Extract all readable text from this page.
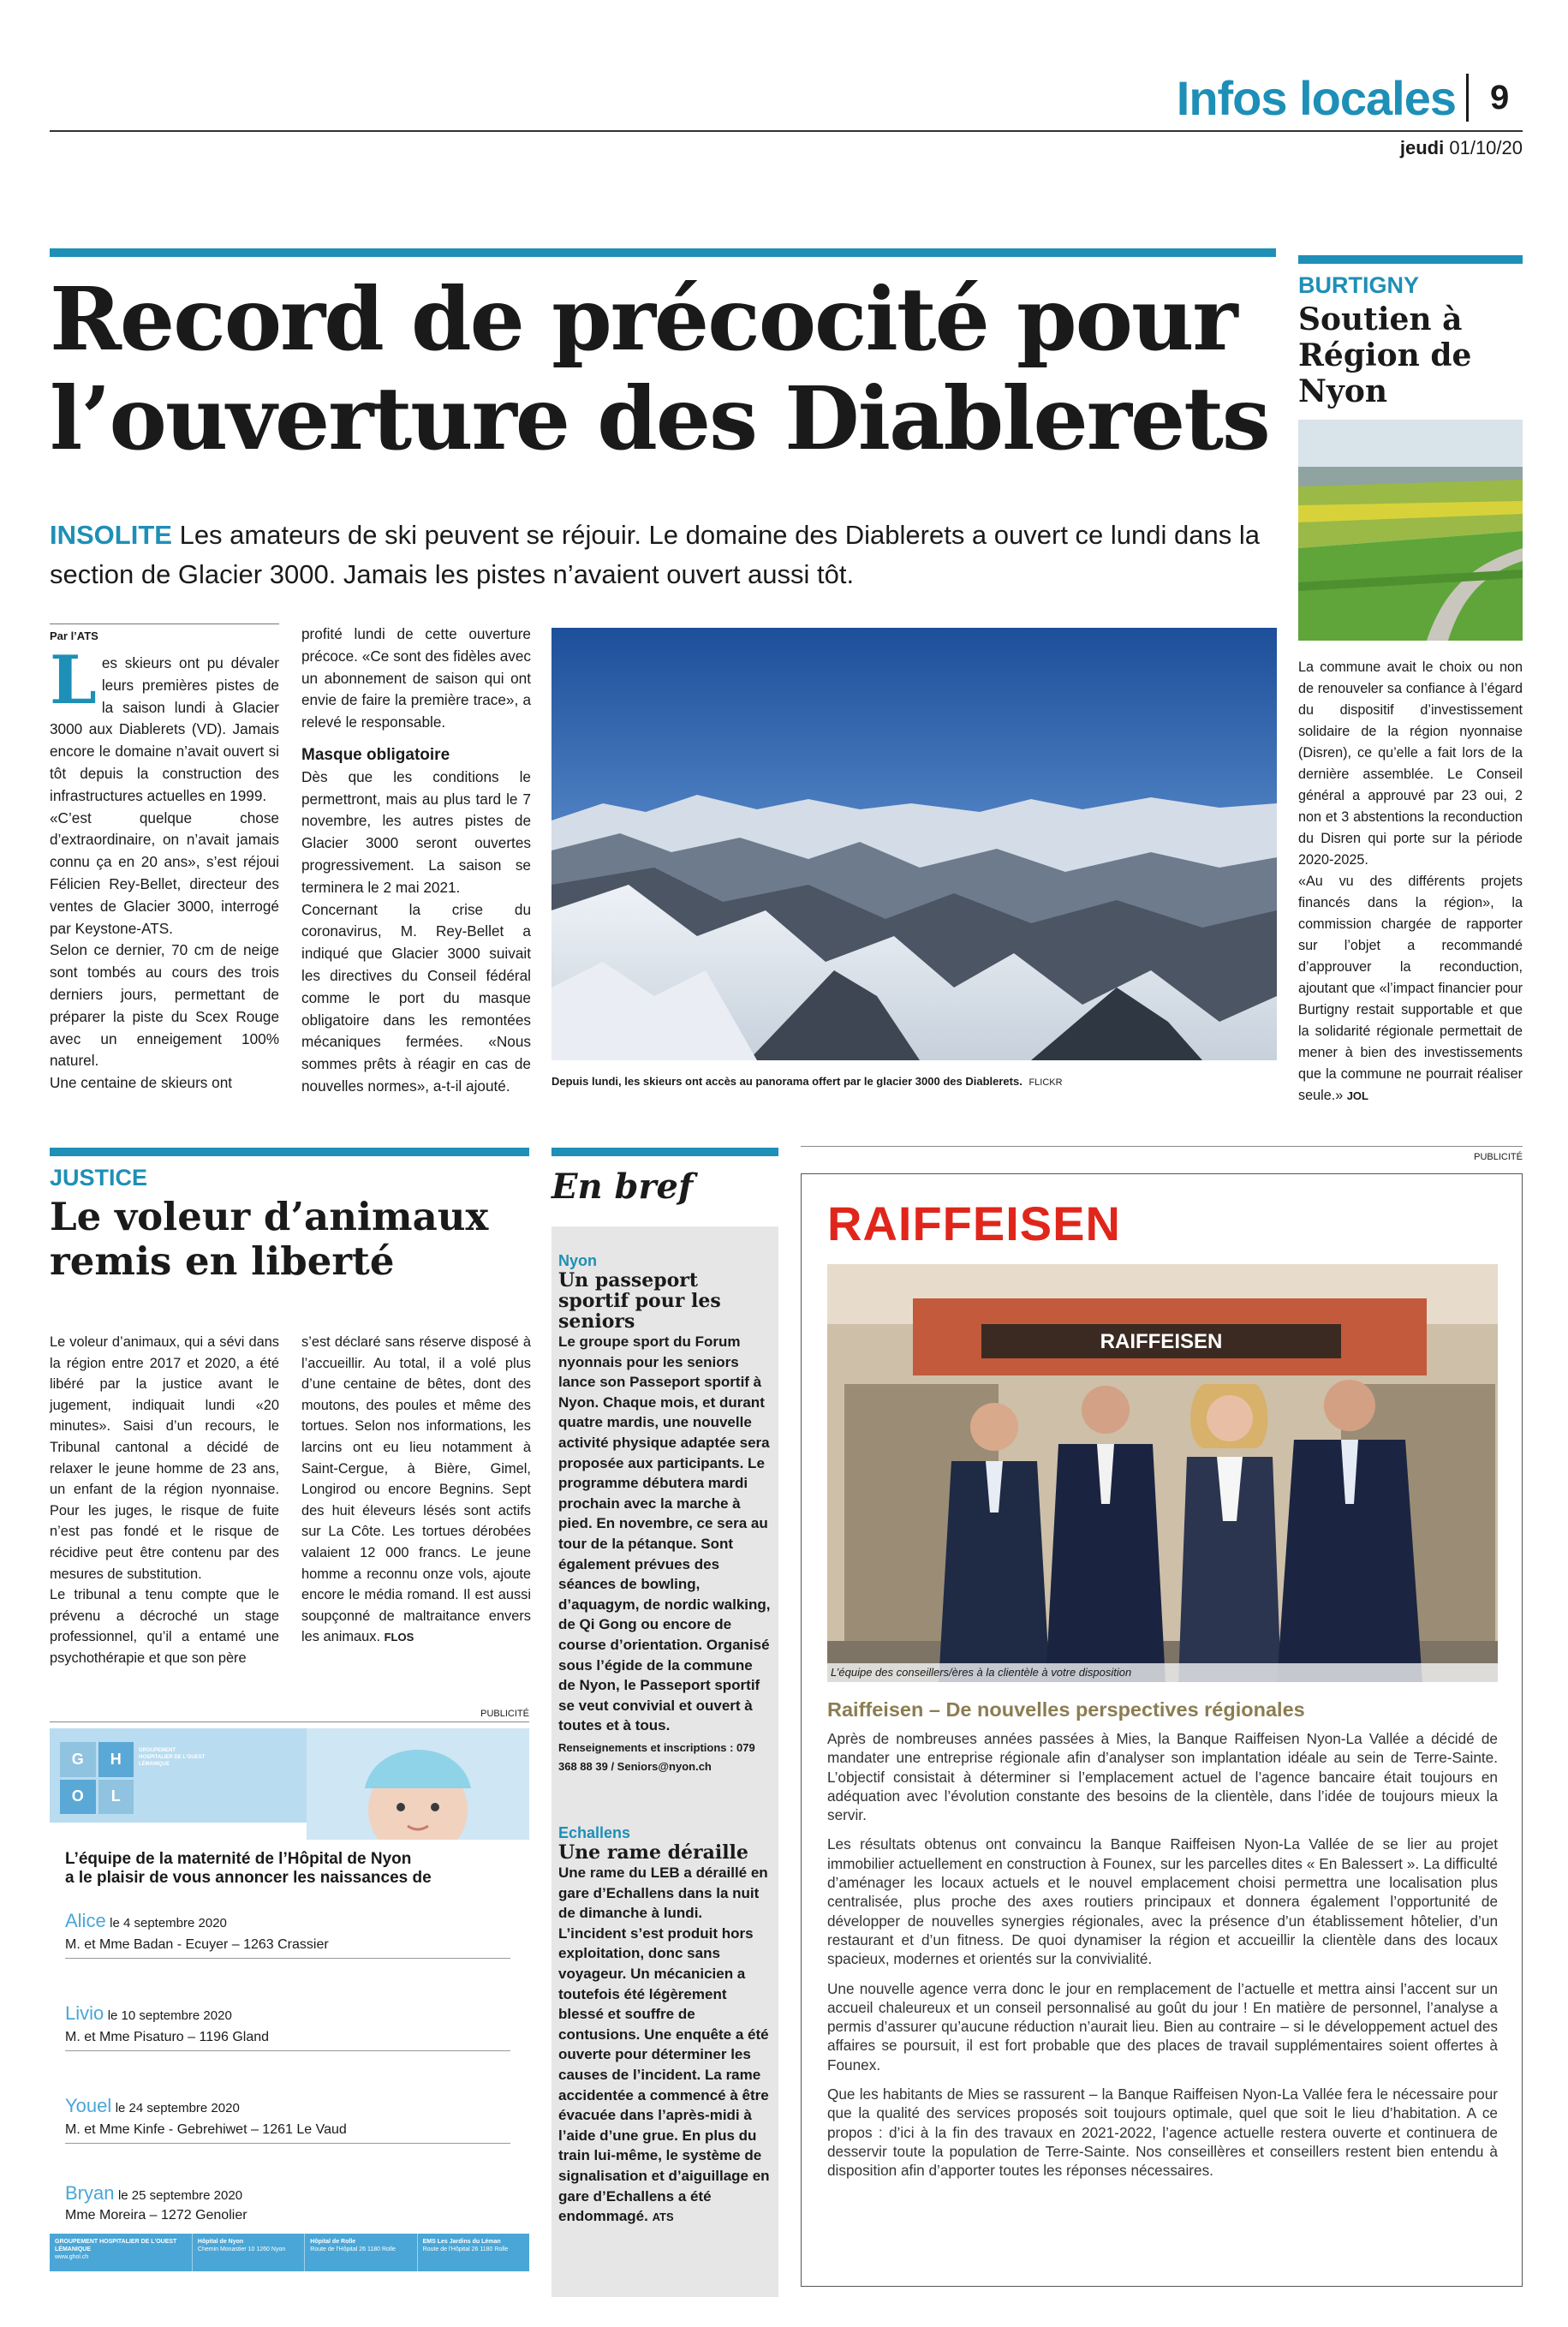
Infos locales 9
jeudi 01/10/20
Record de précocité pour
l’ouverture des Diablerets
INSOLITE Les amateurs de ski peuvent se réjouir. Le domaine des Diablerets a ouvert ce lundi dans la section de Glacier 3000. Jamais les pistes n’avaient ouvert aussi tôt.
Par l’ATS
L es skieurs ont pu dévaler leurs premières pistes de la saison lundi à Glacier 3000 aux Diablerets (VD). Jamais encore le domaine n’avait ouvert si tôt depuis la construction des infrastructures actuelles en 1999.

«C’est quelque chose d’extraordinaire, on n’avait jamais connu ça en 20 ans», s’est réjoui Félicien Rey-Bellet, directeur des ventes de Glacier 3000, interrogé par Keystone-ATS.

Selon ce dernier, 70 cm de neige sont tombés au cours des trois derniers jours, permettant de préparer la piste du Scex Rouge avec un enneigement 100% naturel.

Une centaine de skieurs ont

profité lundi de cette ouverture précoce. «Ce sont des fidèles avec un abonnement de saison qui ont envie de faire la première trace», a relevé le responsable.

Masque obligatoire

Dès que les conditions le permettront, mais au plus tard le 7 novembre, les autres pistes de Glacier 3000 seront ouvertes progressivement. La saison se terminera le 2 mai 2021.

Concernant la crise du coronavirus, M. Rey-Bellet a indiqué que Glacier 3000 suivait les directives du Conseil fédéral comme le port du masque obligatoire dans les remontées mécaniques fermées. «Nous sommes prêts à réagir en cas de nouvelles normes», a-t-il ajouté.	Depuis lundi, les skieurs ont accès au panorama offert par le glacier 3000 des Diablerets. FLICKR
BURTIGNY
Soutien à Région de Nyon

La commune avait le choix ou non de renouveler sa confiance à l’égard du dispositif d’investissement solidaire de la région nyonnaise (Disren), ce qu’elle a fait lors de la dernière assemblée. Le Conseil général a approuvé par 23 oui, 2 non et 3 abstentions la reconduction du Disren qui porte sur la période 2020-2025.

«Au vu des différents projets financés dans la région», la commission chargée de rapporter sur l’objet a recommandé d’approuver la reconduction, ajoutant que «l’impact financier pour Burtigny restait supportable et que la solidarité régionale permettait de mener à bien des investissements que la commune ne pourrait réaliser seule.» JOL

JUSTICE
Le voleur d’animaux
remis en liberté

Le voleur d’animaux, qui a sévi dans la région entre 2017 et 2020, a été libéré par la justice avant le jugement, indiquait lundi «20 minutes». Saisi d’un recours, le Tribunal cantonal a décidé de relaxer le jeune homme de 23 ans, un enfant de la région nyonnaise. Pour les juges, le risque de fuite n’est pas fondé et le risque de récidive peut être contenu par des mesures de substitution.

Le tribunal a tenu compte que le prévenu a décroché un stage professionnel, qu’il a entamé une psychothérapie et que son père

s’est déclaré sans réserve disposé à l’accueillir. Au total, il a volé plus d’une centaine de bêtes, dont des moutons, des poules et même des tortues. Selon nos informations, les larcins ont eu lieu notamment à Saint-Cergue, à Bière, Gimel, Longirod ou encore Begnins. Sept des huit éleveurs lésés sont actifs sur La Côte. Les tortues dérobées valaient 12 000 francs. Le jeune homme a reconnu onze vols, ajoute encore le média romand. Il est aussi soupçonné de maltraitance envers les animaux. FLOS

PUBLICITÉ
G	H
O	L
GROUPEMENT HOSPITALIER DE L'OUEST LÉMANIQUE
L’équipe de la maternité de l’Hôpital de Nyon
a le plaisir de vous annoncer les naissances de
Alice le 4 septembre 2020
M. et Mme Badan - Ecuyer – 1263 Crassier
Livio le 10 septembre 2020
M. et Mme Pisaturo – 1196 Gland
Youel le 24 septembre 2020
M. et Mme Kinfe - Gebrehiwet – 1261 Le Vaud
Bryan le 25 septembre 2020
Mme Moreira – 1272 Genolier
GROUPEMENT HOSPITALIER DE L'OUEST LÉMANIQUE
www.ghol.ch
Hôpital de Nyon
Chemin Monastier 10 1260 Nyon
Hôpital de Rolle
Route de l'Hôpital 26 1180 Rolle
EMS Les Jardins du Léman
Route de l'Hôpital 26 1180 Rolle
En bref
Nyon
Un passeport sportif pour les seniors
Le groupe sport du Forum nyonnais pour les seniors lance son Passeport sportif à Nyon. Chaque mois, et durant quatre mardis, une nouvelle activité physique adaptée sera proposée aux participants. Le programme débutera mardi prochain avec la marche à pied. En novembre, ce sera au tour de la pétanque. Sont également prévues des séances de bowling, d’aquagym, de nordic walking, de Qi Gong ou encore de course d’orientation. Organisé sous l’égide de la commune de Nyon, le Passeport sportif se veut convivial et ouvert à toutes et à tous.
Renseignements et inscriptions : 079 368 88 39 / Seniors@nyon.ch
Echallens
Une rame déraille
Une rame du LEB a déraillé en gare d’Echallens dans la nuit de dimanche à lundi. L’incident s’est produit hors exploitation, donc sans voyageur. Un mécanicien a toutefois été légèrement blessé et souffre de contusions. Une enquête a été ouverte pour déterminer les causes de l’incident. La rame accidentée a commencé à être évacuée dans l’après-midi à l’aide d’une grue. En plus du train lui-même, le système de signalisation et d’aiguillage en gare d’Echallens a été endommagé. ATS
PUBLICITÉ
RAIFFEISEN
RAIFFEISEN
L’équipe des conseillers/ères à la clientèle à votre disposition
Raiffeisen – De nouvelles perspectives régionales

Après de nombreuses années passées à Mies, la Banque Raiffeisen Nyon-La Vallée a décidé de mandater une entreprise régionale afin d’analyser son implantation idéale au sein de Terre-Sainte. L’objectif consistait à déterminer si l’emplacement actuel de l’agence bancaire était toujours en adéquation avec l’évolution constante des besoins de la clientèle, dans l’idée de toujours mieux la servir.

Les résultats obtenus ont convaincu la Banque Raiffeisen Nyon-La Vallée de se lier au projet immobilier actuellement en construction à Founex, sur les parcelles dites « En Balessert ». La difficulté d’aménager les locaux actuels et le nouvel emplacement choisi permettra une localisation plus centralisée, plus proche des axes routiers principaux et donnera également l’opportunité de développer de nouvelles synergies régionales, avec la présence d’un établissement hôtelier, d’un restaurant et d’un fitness. De quoi dynamiser la région et accueillir la clientèle dans des locaux spacieux, modernes et orientés sur la convivialité.

Une nouvelle agence verra donc le jour en remplacement de l’actuelle et mettra ainsi l’accent sur un accueil chaleureux et un conseil personnalisé au goût du jour ! En matière de personnel, l’analyse a permis d’assurer qu’aucune réduction n’aurait lieu. Bien au contraire – si le développement actuel des affaires se poursuit, il est fort probable que des places de travail supplémentaires soient offertes à Founex.

Que les habitants de Mies se rassurent – la Banque Raiffeisen Nyon-La Vallée fera le nécessaire pour que la qualité des services proposés soit toujours optimale, quel que soit le lieu d’habitation. A ce propos : d’ici à la fin des travaux en 2021-2022, l’agence actuelle restera ouverte et continuera de desservir toute la population de Terre-Sainte. Nos conseillères et conseillers restent bien entendu à disposition afin d’apporter toutes les réponses nécessaires.
